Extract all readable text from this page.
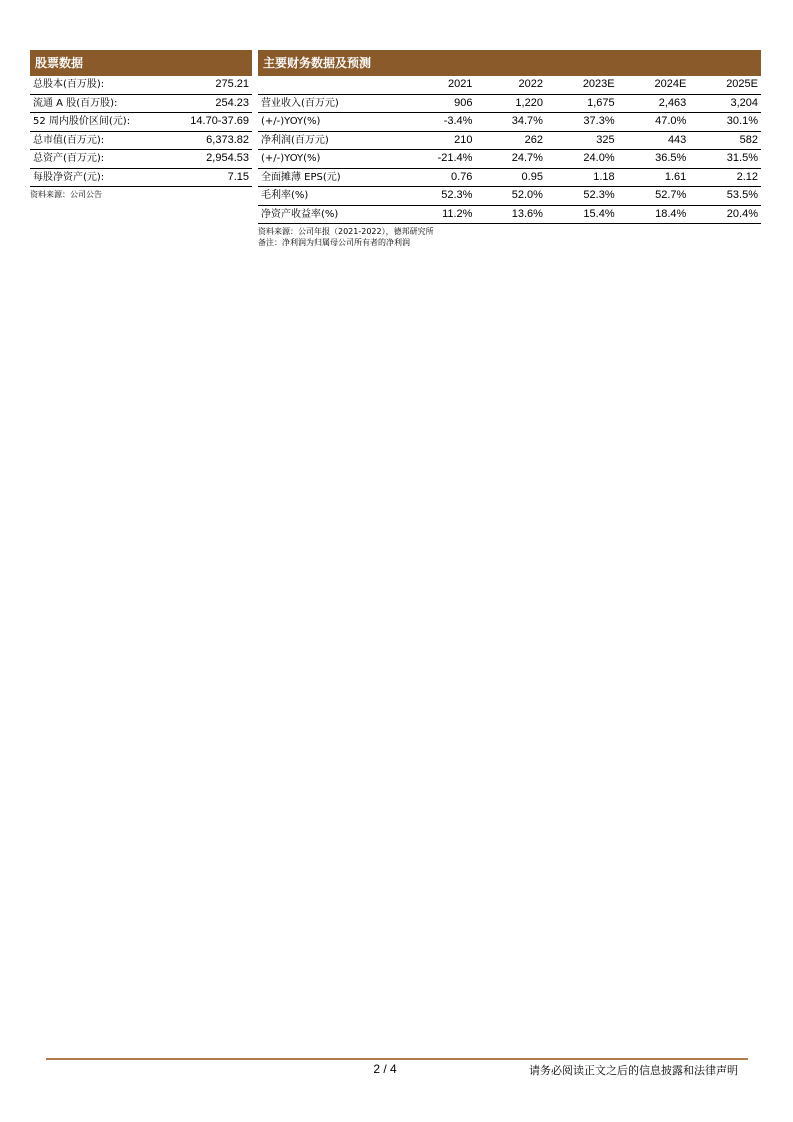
股票数据
总股本(百万股):	275.21
流通 A 股(百万股):	254.23
52 周内股价区间(元):	14.70-37.69
总市值(百万元):	6,373.82
总资产(百万元):	2,954.53
每股净资产(元):	7.15
资料来源：公司公告
主要财务数据及预测
	2021	2022	2023E	2024E	2025E
营业收入(百万元)	906	1,220	1,675	2,463	3,204
(+/-)YOY(%)	-3.4%	34.7%	37.3%	47.0%	30.1%
净利润(百万元)	210	262	325	443	582
(+/-)YOY(%)	-21.4%	24.7%	24.0%	36.5%	31.5%
全面摊薄 EPS(元)	0.76	0.95	1.18	1.61	2.12
毛利率(%)	52.3%	52.0%	52.3%	52.7%	53.5%
净资产收益率(%)	11.2%	13.6%	15.4%	18.4%	20.4%
资料来源：公司年报（2021-2022），德邦研究所
备注：净利润为归属母公司所有者的净利润
2 / 4	请务必阅读正文之后的信息披露和法律声明
